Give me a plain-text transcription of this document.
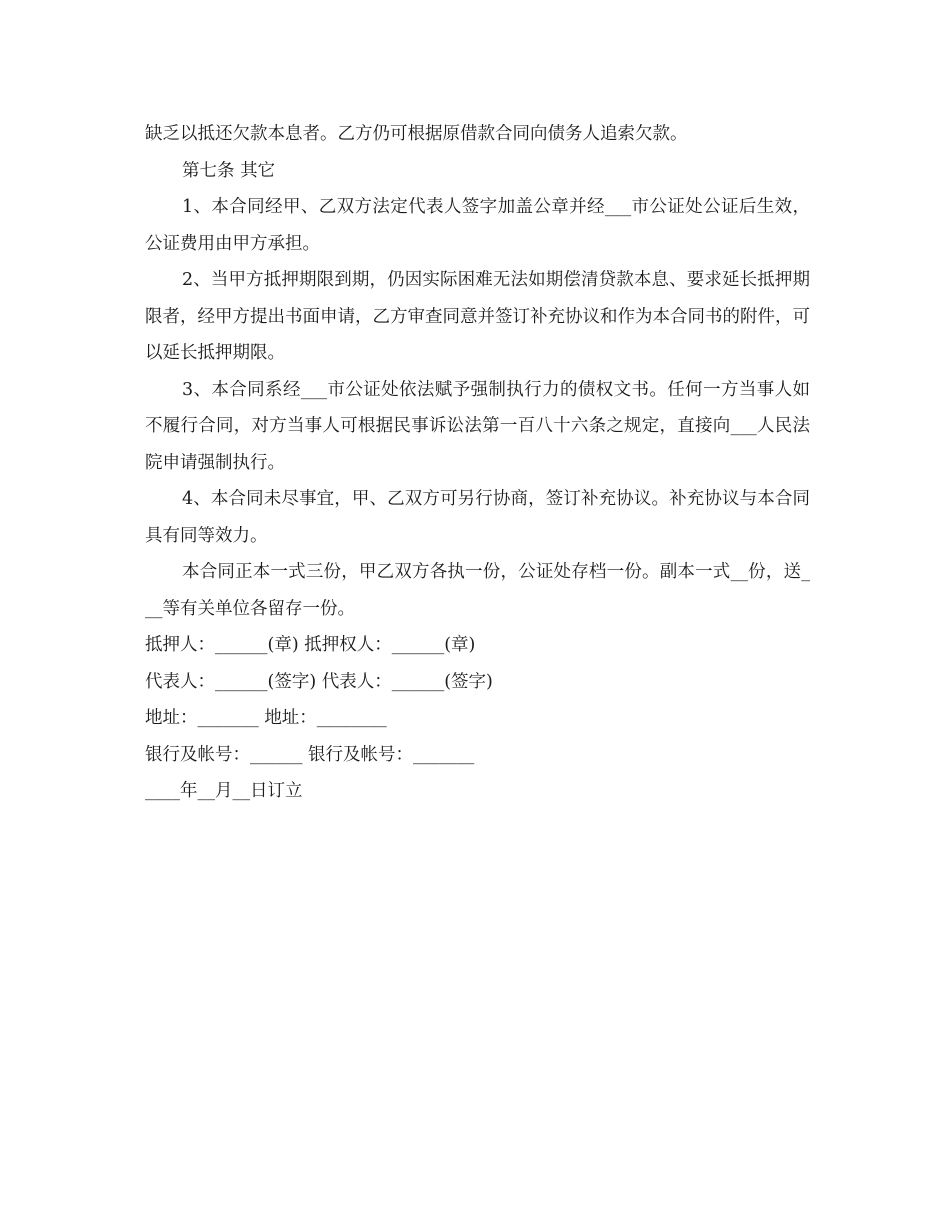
缺乏以抵还欠款本息者。乙方仍可根据原借款合同向债务人追索欠款。

第七条 其它

1、本合同经甲、乙双方法定代表人签字加盖公章并经___市公证处公证后生效，公证费用由甲方承担。

2、当甲方抵押期限到期，仍因实际困难无法如期偿清贷款本息、要求延长抵押期限者，经甲方提出书面申请，乙方审查同意并签订补充协议和作为本合同书的附件，可以延长抵押期限。

3、本合同系经___市公证处依法赋予强制执行力的债权文书。任何一方当事人如不履行合同，对方当事人可根据民事诉讼法第一百八十六条之规定，直接向___人民法院申请强制执行。

4、本合同未尽事宜，甲、乙双方可另行协商，签订补充协议。补充协议与本合同具有同等效力。

本合同正本一式三份，甲乙双方各执一份，公证处存档一份。副本一式__份，送___等有关单位各留存一份。

抵押人：______(章) 抵押权人：______(章)

代表人：______(签字) 代表人：______(签字)

地址：_______ 地址：________

银行及帐号：______ 银行及帐号：_______

____年__月__日订立
